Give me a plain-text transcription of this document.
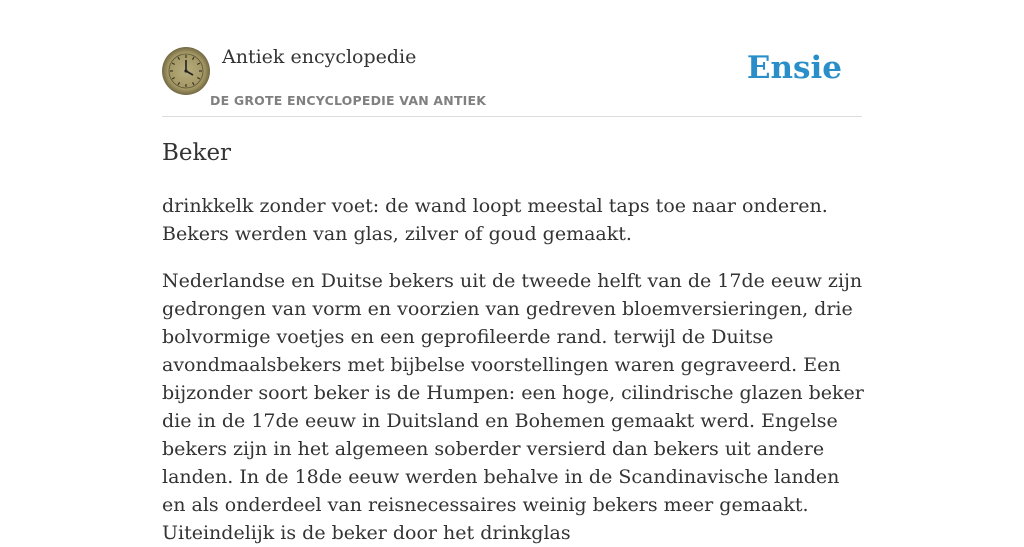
Antiek encyclopedie
DE GROTE ENCYCLOPEDIE VAN ANTIEK
Ensie
Beker

drinkkelk zonder voet: de wand loopt meestal taps toe naar onderen. Bekers werden van glas, zilver of goud gemaakt.

Nederlandse en Duitse bekers uit de tweede helft van de 17de eeuw zijn gedrongen van vorm en voorzien van gedreven bloemversieringen, drie bolvormige voetjes en een geprofileerde rand. terwijl de Duitse avondmaalsbekers met bijbelse voorstellingen waren gegraveerd. Een bijzonder soort beker is de Humpen: een hoge, cilindrische glazen beker die in de 17de eeuw in Duitsland en Bohemen gemaakt werd. Engelse bekers zijn in het algemeen soberder versierd dan bekers uit andere landen. In de 18de eeuw werden behalve in de Scandinavische landen en als onderdeel van reisnecessaires weinig bekers meer gemaakt. Uiteindelijk is de beker door het drinkglas
